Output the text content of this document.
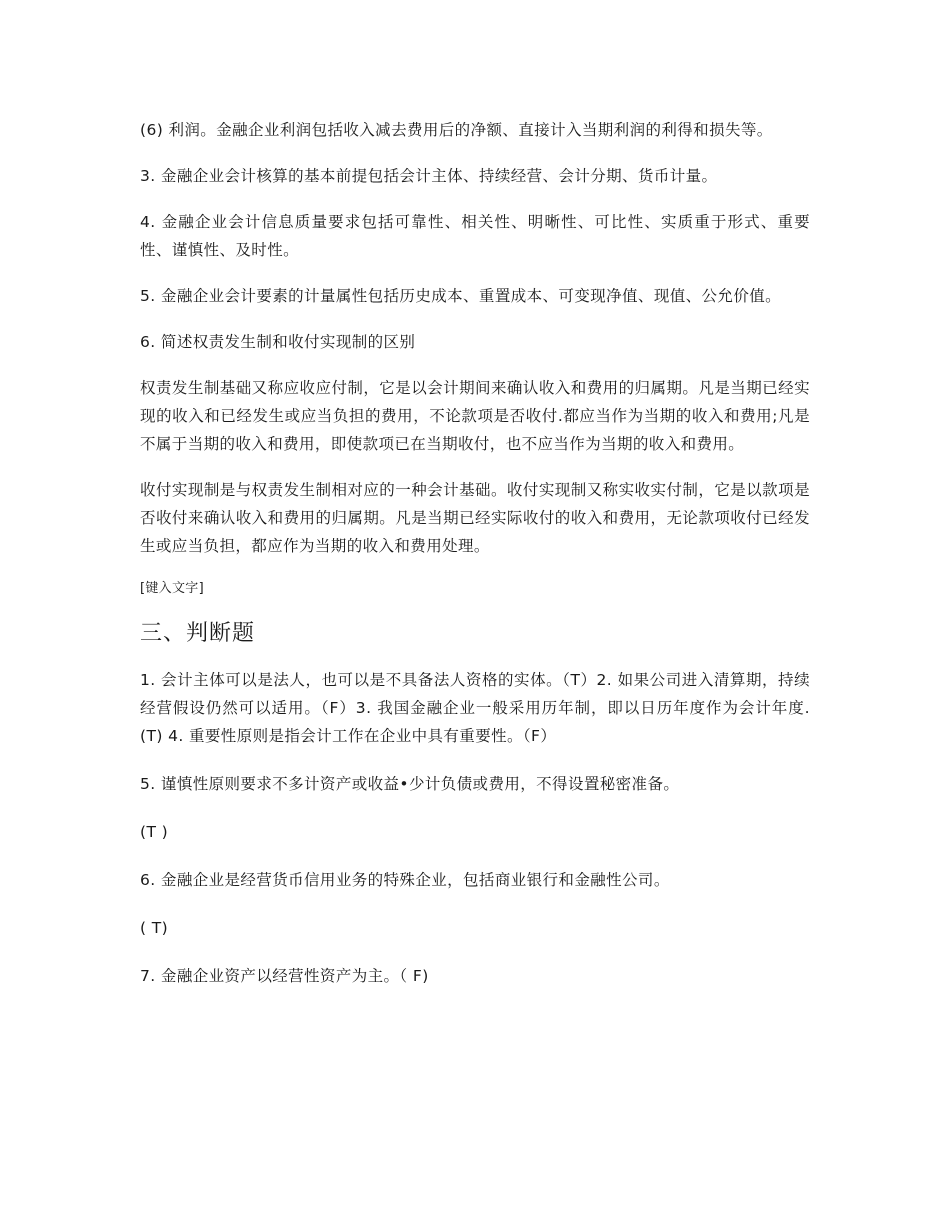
(6) 利润。金融企业利润包括收入减去费用后的净额、直接计入当期利润的利得和损失等。

3. 金融企业会计核算的基本前提包括会计主体、持续经营、会计分期、货币计量。

4. 金融企业会计信息质量要求包括可靠性、相关性、明晰性、可比性、实质重于形式、重要性、谨慎性、及时性。

5. 金融企业会计要素的计量属性包括历史成本、重置成本、可变现净值、现值、公允价值。

6. 简述权责发生制和收付实现制的区别

权责发生制基础又称应收应付制，它是以会计期间来确认收入和费用的归属期。凡是当期已经实现的收入和已经发生或应当负担的费用，不论款项是否收付.都应当作为当期的收入和费用;凡是不属于当期的收入和费用，即使款项已在当期收付，也不应当作为当期的收入和费用。

收付实现制是与权责发生制相对应的一种会计基础。收付实现制又称实收实付制，它是以款项是否收付来确认收入和费用的归属期。凡是当期已经实际收付的收入和费用，无论款项收付已经发生或应当负担，都应作为当期的收入和费用处理。

[键入文字]

三、判断题

1. 会计主体可以是法人，也可以是不具备法人资格的实体。（T）2. 如果公司进入清算期，持续经营假设仍然可以适用。（F）3. 我国金融企业一般采用历年制，即以日历年度作为会计年度.(T) 4. 重要性原则是指会计工作在企业中具有重要性。（F）

5. 谨慎性原则要求不多计资产或收益•少计负债或费用，不得设置秘密准备。

(T )

6. 金融企业是经营货币信用业务的特殊企业，包括商业银行和金融性公司。

( T)

7. 金融企业资产以经营性资产为主。（ F)
